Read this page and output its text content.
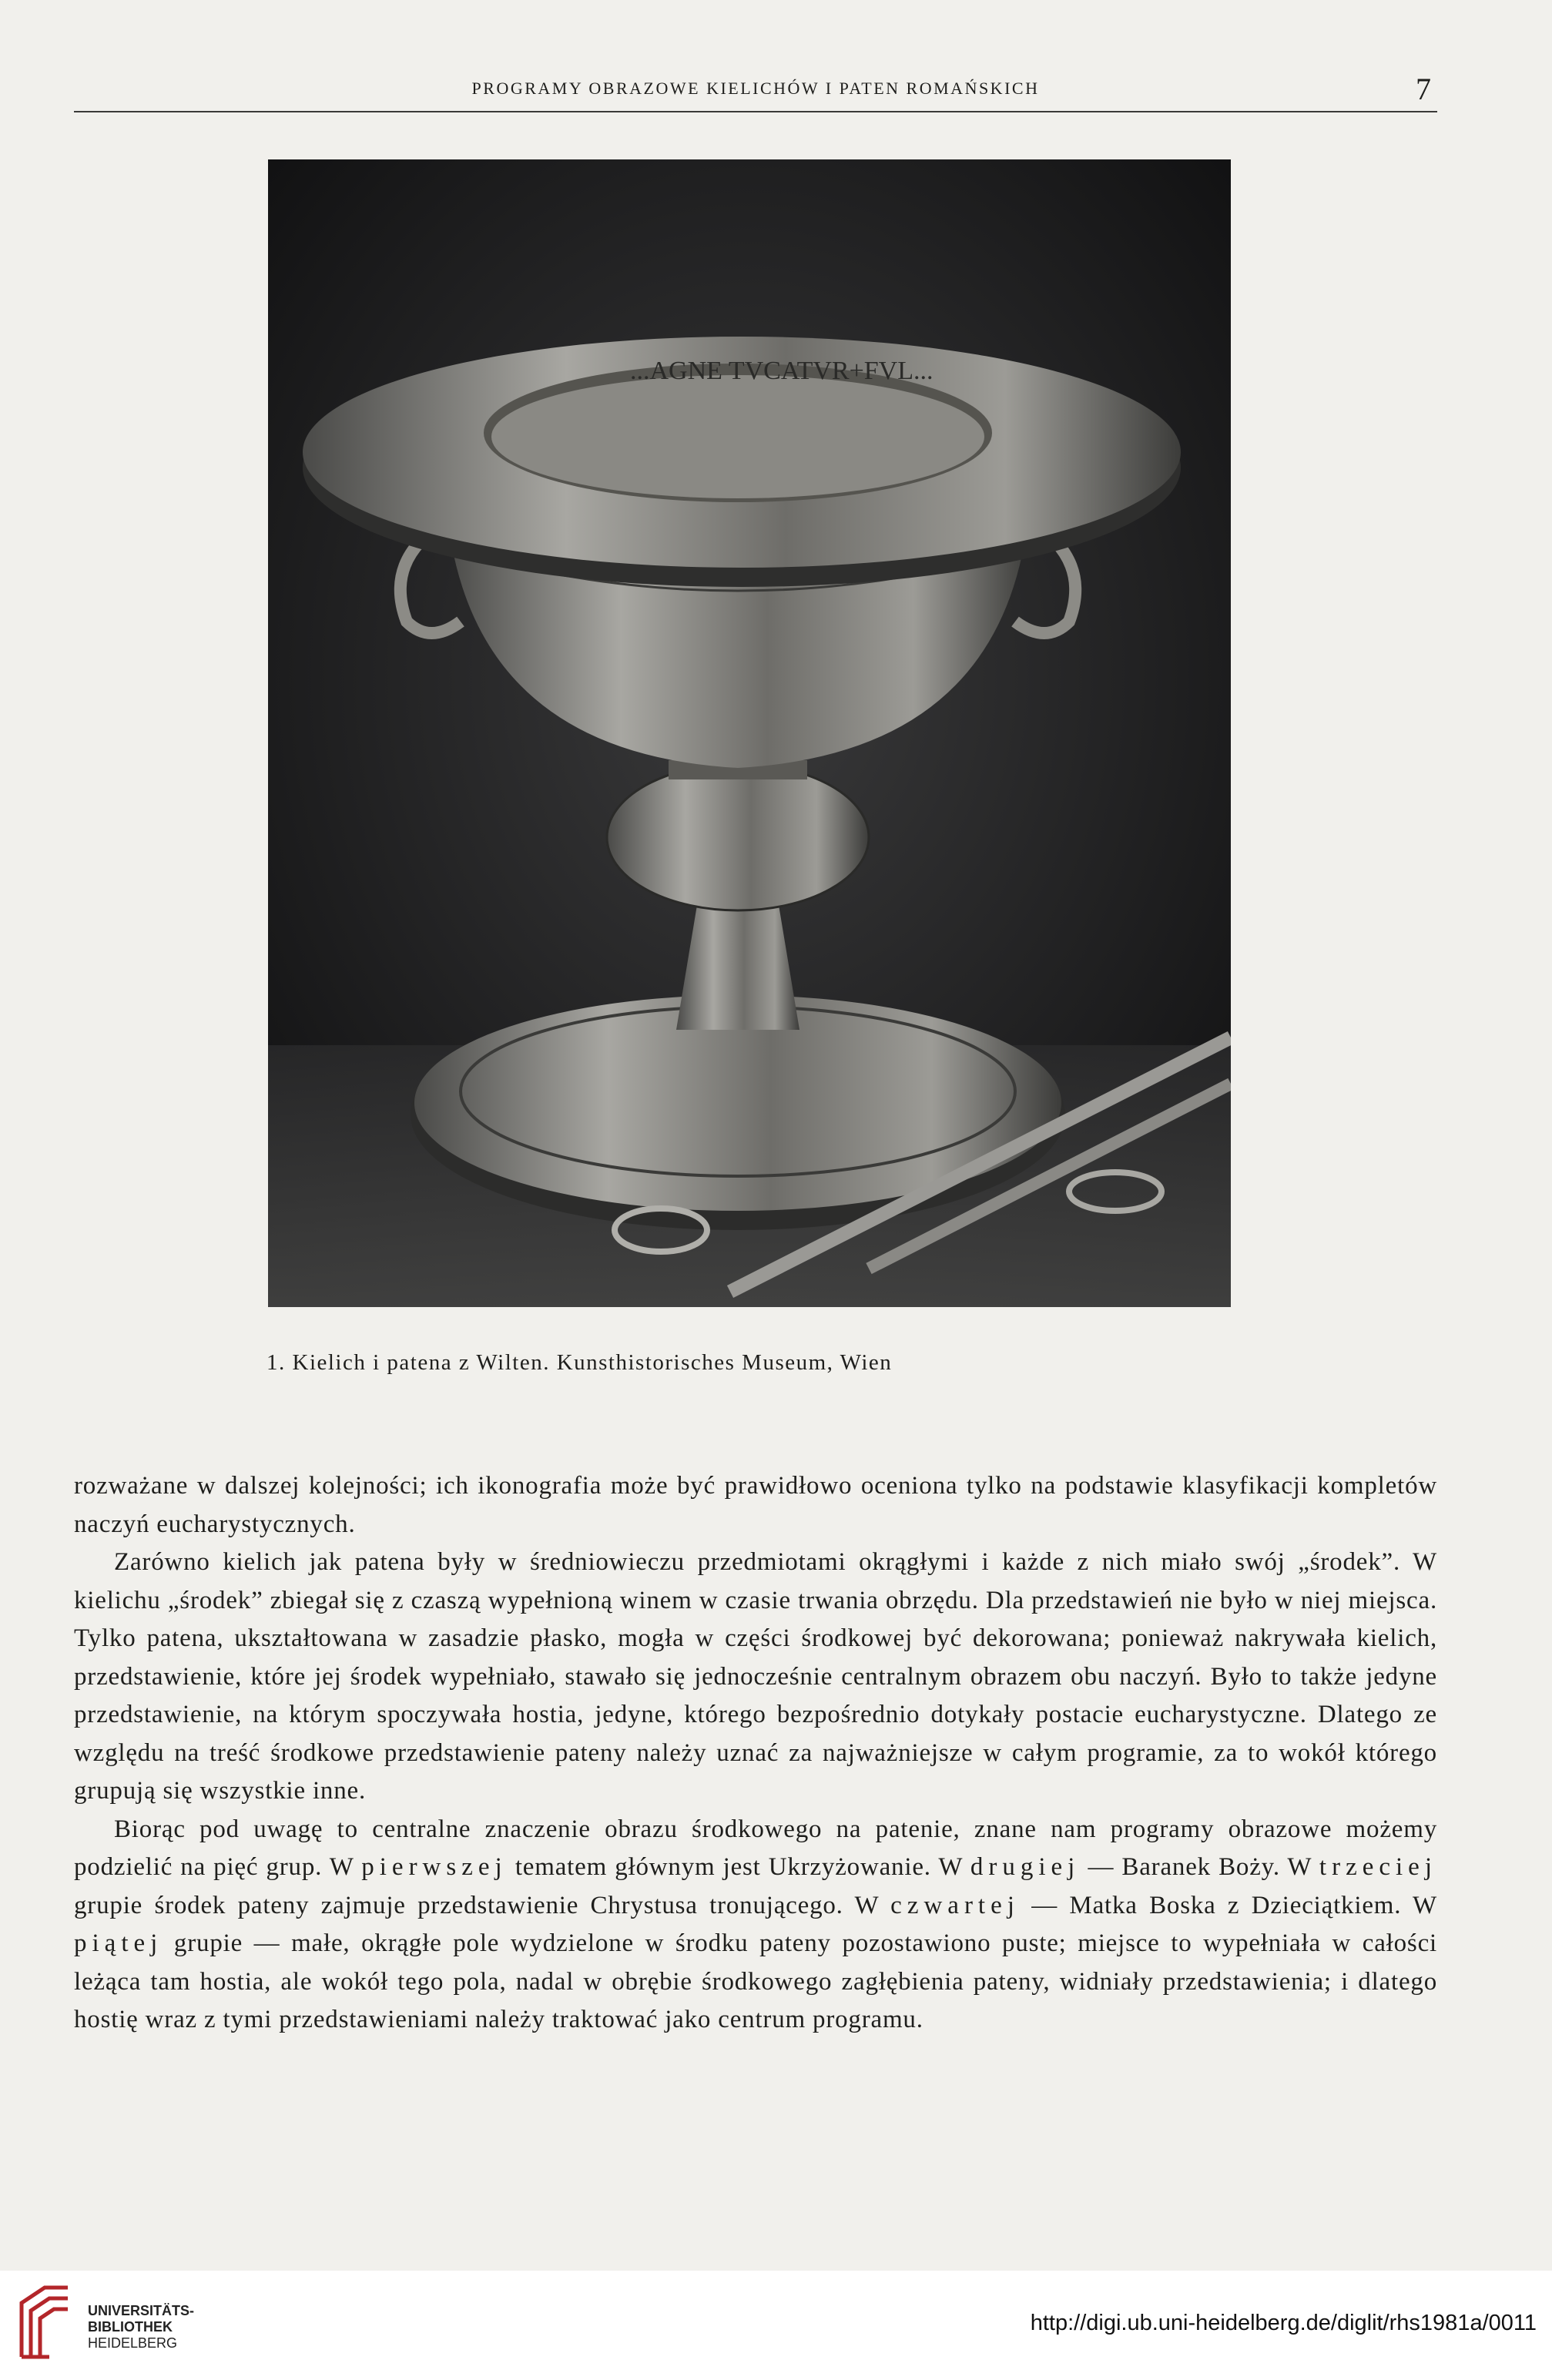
PROGRAMY OBRAZOWE KIELICHÓW I PATEN ROMAŃSKICH	7
...AGNE TVCATVR+FVL...
1. Kielich i patena z Wilten. Kunsthistorisches Museum, Wien

rozważane w dalszej kolejności; ich ikonografia może być prawidłowo oceniona tylko na podstawie klasyfikacji kompletów naczyń eucharystycznych.

Zarówno kielich jak patena były w średniowieczu przedmiotami okrągłymi i każde z nich miało swój „środek”. W kielichu „środek” zbiegał się z czaszą wypełnioną winem w czasie trwania obrzędu. Dla przedstawień nie było w niej miejsca. Tylko patena, ukształtowana w zasadzie płasko, mogła w części środkowej być dekorowana; ponieważ nakrywała kielich, przedstawienie, które jej środek wypełniało, stawało się jednocześnie centralnym obrazem obu naczyń. Było to także jedyne przedstawienie, na którym spoczywała hostia, jedyne, którego bezpośrednio dotykały postacie eucharystyczne. Dlatego ze względu na treść środkowe przedstawienie pateny należy uznać za najważniejsze w całym programie, za to wokół którego grupują się wszystkie inne.

Biorąc pod uwagę to centralne znaczenie obrazu środkowego na patenie, znane nam programy obrazowe możemy podzielić na pięć grup. W pierwszej tematem głównym jest Ukrzyżowanie. W drugiej — Baranek Boży. W trzeciej grupie środek pateny zajmuje przedstawienie Chrystusa tronującego. W czwartej — Matka Boska z Dzieciątkiem. W piątej grupie — małe, okrągłe pole wydzielone w środku pateny pozostawiono puste; miejsce to wypełniała w całości leżąca tam hostia, ale wokół tego pola, nadal w obrębie środkowego zagłębienia pateny, widniały przedstawienia; i dlatego hostię wraz z tymi przedstawieniami należy traktować jako centrum programu.

UNIVERSITÄTS-
BIBLIOTHEK
HEIDELBERG
http://digi.ub.uni-heidelberg.de/diglit/rhs1981a/0011
